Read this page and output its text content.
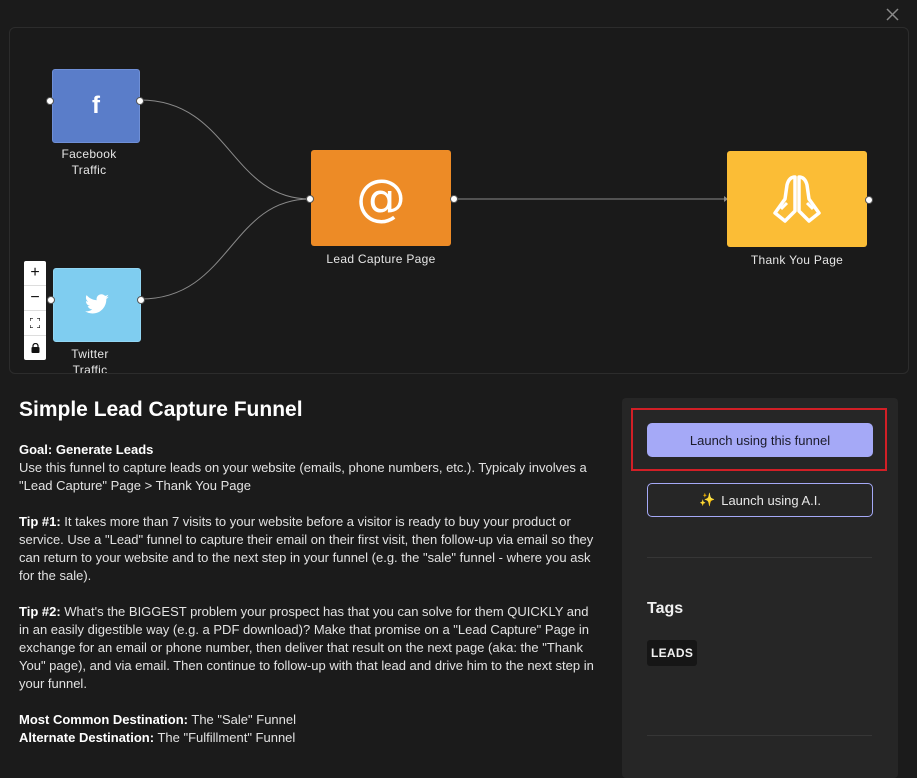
f
Facebook Traffic
Twitter Traffic
@
Lead Capture Page	Thank You Page
+
−
Simple Lead Capture Funnel

Goal: Generate Leads
Use this funnel to capture leads on your website (emails, phone numbers, etc.). Typicaly involves a "Lead Capture" Page > Thank You Page

Tip #1: It takes more than 7 visits to your website before a visitor is ready to buy your product or service. Use a "Lead" funnel to capture their email on their first visit, then follow-up via email so they can return to your website and to the next step in your funnel (e.g. the "sale" funnel - where you ask for the sale).

Tip #2: What's the BIGGEST problem your prospect has that you can solve for them QUICKLY and in an easily digestible way (e.g. a PDF download)? Make that promise on a "Lead Capture" Page in exchange for an email or phone number, then deliver that result on the next page (aka: the "Thank You" page), and via email. Then continue to follow-up with that lead and drive him to the next step in your funnel.

Most Common Destination: The "Sale" Funnel
Alternate Destination: The "Fulfillment" Funnel

Launch using this funnel
✨ Launch using A.I.
Tags
LEADS
